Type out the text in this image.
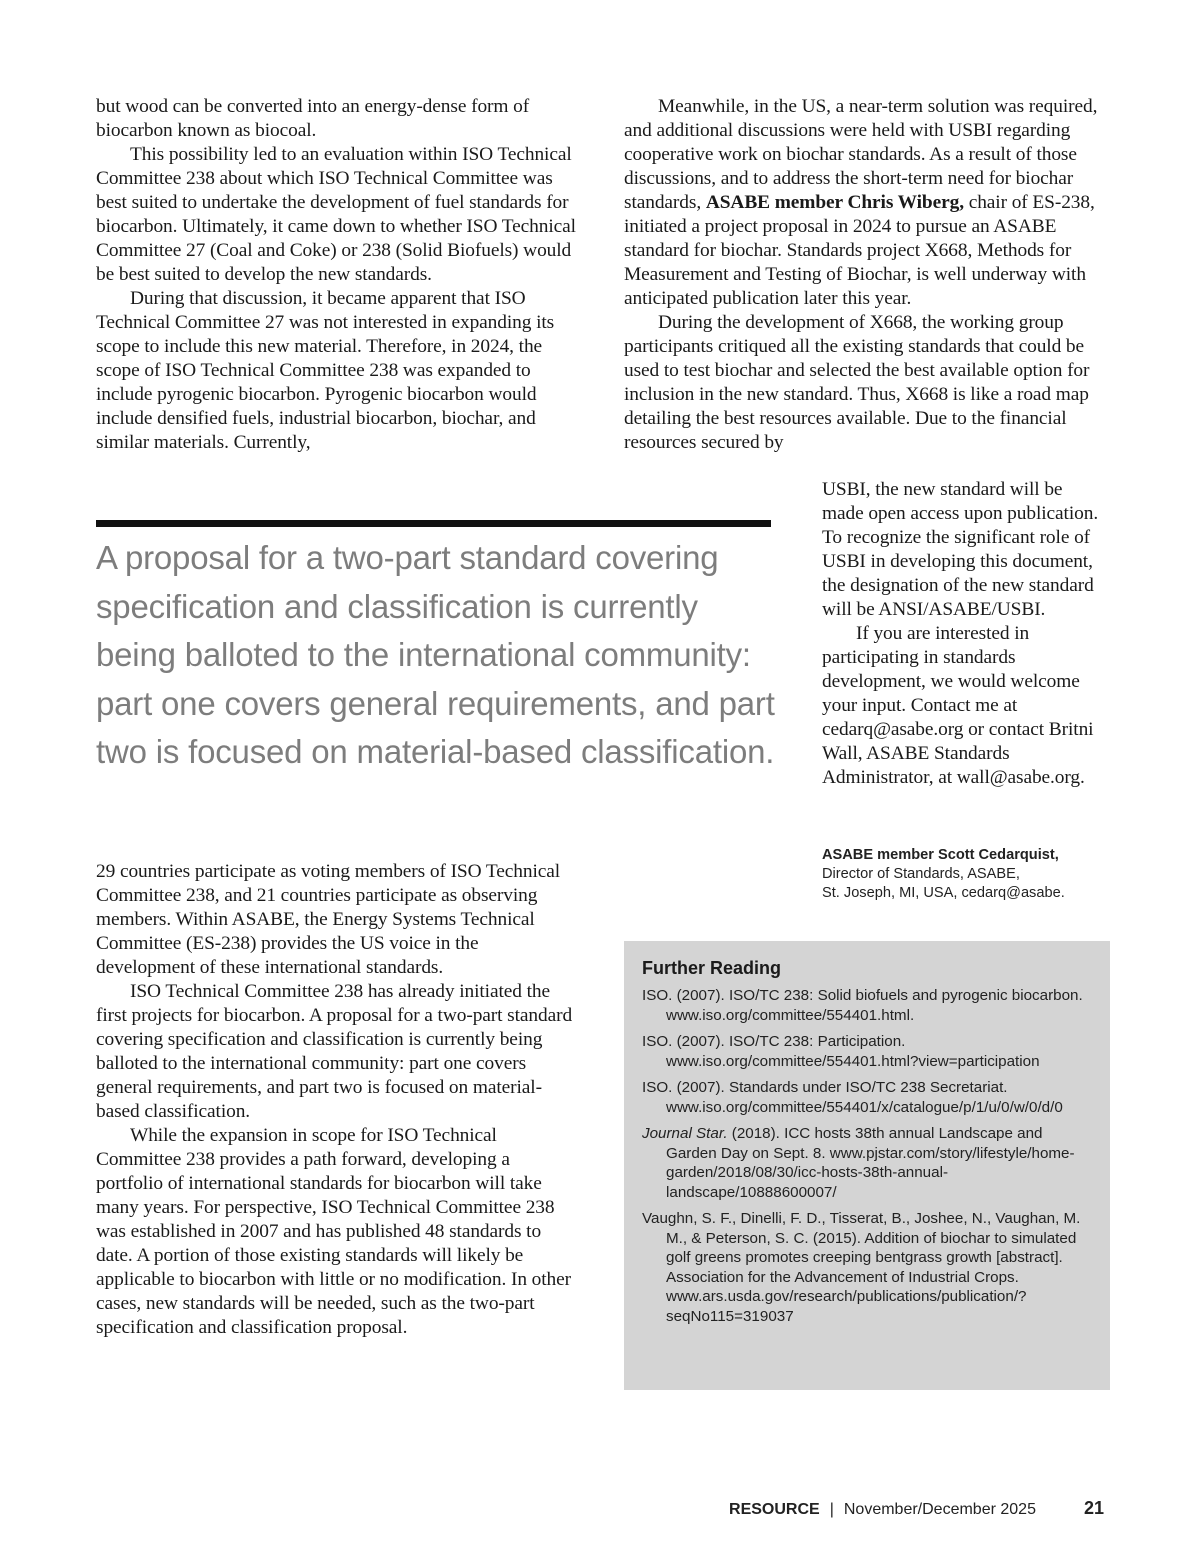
but wood can be converted into an energy-dense form of biocarbon known as biocoal.

This possibility led to an evaluation within ISO Technical Committee 238 about which ISO Technical Committee was best suited to undertake the development of fuel standards for biocarbon. Ultimately, it came down to whether ISO Technical Committee 27 (Coal and Coke) or 238 (Solid Biofuels) would be best suited to develop the new standards.

During that discussion, it became apparent that ISO Technical Committee 27 was not interested in expanding its scope to include this new material. Therefore, in 2024, the scope of ISO Technical Committee 238 was expanded to include pyrogenic biocarbon. Pyrogenic biocarbon would include densified fuels, industrial biocarbon, biochar, and similar materials. Currently,

Meanwhile, in the US, a near-term solution was required, and additional discussions were held with USBI regarding cooperative work on biochar standards. As a result of those discussions, and to address the short-term need for biochar standards, ASABE member Chris Wiberg, chair of ES-238, initiated a project proposal in 2024 to pursue an ASABE standard for biochar. Standards project X668, Methods for Measurement and Testing of Biochar, is well underway with anticipated publication later this year.

During the development of X668, the working group participants critiqued all the existing standards that could be used to test biochar and selected the best available option for inclusion in the new standard. Thus, X668 is like a road map detailing the best resources available. Due to the financial resources secured by

USBI, the new standard will be made open access upon publication. To recognize the significant role of USBI in developing this document, the designation of the new standard will be ANSI/ASABE/USBI.

If you are interested in participating in standards development, we would welcome your input. Contact me at cedarq@asabe.org or contact Britni Wall, ASABE Standards Administrator, at wall@asabe.org.

A proposal for a two-part standard covering specification and classification is currently being balloted to the international community: part one covers general requirements, and part two is focused on material-based classification.

29 countries participate as voting members of ISO Technical Committee 238, and 21 countries participate as observing members. Within ASABE, the Energy Systems Technical Committee (ES-238) provides the US voice in the development of these international standards.

ISO Technical Committee 238 has already initiated the first projects for biocarbon. A proposal for a two-part standard covering specification and classification is currently being balloted to the international community: part one covers general requirements, and part two is focused on material-based classification.

While the expansion in scope for ISO Technical Committee 238 provides a path forward, developing a portfolio of international standards for biocarbon will take many years. For perspective, ISO Technical Committee 238 was established in 2007 and has published 48 standards to date. A portion of those existing standards will likely be applicable to biocarbon with little or no modification. In other cases, new standards will be needed, such as the two-part specification and classification proposal.

ASABE member Scott Cedarquist,
Director of Standards, ASABE,
St. Joseph, MI, USA, cedarq@asabe.
Further Reading
ISO. (2007). ISO/TC 238: Solid biofuels and pyrogenic biocarbon. www.iso.org/committee/554401.html.
ISO. (2007). ISO/TC 238: Participation. www.iso.org/committee/554401.html?view=participation
ISO. (2007). Standards under ISO/TC 238 Secretariat. www.iso.org/committee/554401/x/catalogue/p/1/u/0/w/0/d/0
Journal Star. (2018). ICC hosts 38th annual Landscape and Garden Day on Sept. 8. www.pjstar.com/story/lifestyle/home-garden/2018/08/30/icc-hosts-38th-annual-landscape/10888600007/
Vaughn, S. F., Dinelli, F. D., Tisserat, B., Joshee, N., Vaughan, M. M., & Peterson, S. C. (2015). Addition of biochar to simulated golf greens promotes creeping bentgrass growth [abstract]. Association for the Advancement of Industrial Crops. www.ars.usda.gov/research/publications/publication/?seqNo115=319037
RESOURCE | November/December 2025	21
